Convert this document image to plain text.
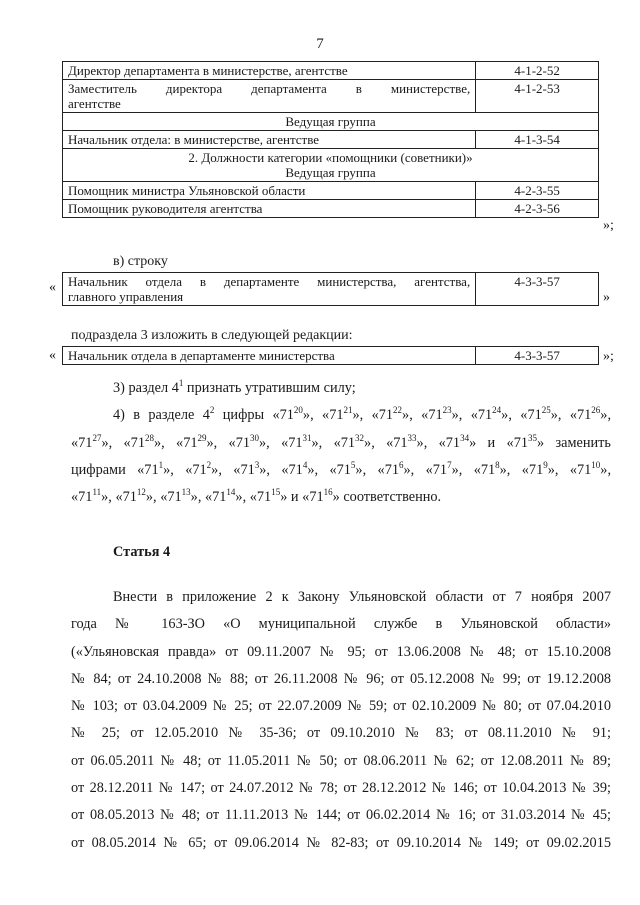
7
Директор департамента в министерстве, агентстве	4-1-2-52

Заместитель директора департамента в министерстве,
агентстве	4-1-2-53
Ведущая группа	
Начальник отдела: в министерстве, агентстве	4-1-3-54

2. Должности категории «помощники (советники)»
Ведущая группа	

Помощник министра Ульяновской области	4-2-3-55
Помощник руководителя агентства	4-2-3-56
»;
в) строку
« Начальник отдела в департаменте министерства, агентства,
главного управления
	4-3-3-57
»
подраздела 3 изложить в следующей редакции:
« Начальник отдела в департаменте министерства	4-3-3-57	»;
3) раздел $4^1$ признать утратившим силу;
4) в разделе $4^2$ цифры «$71^{20}$», «$71^{21}$», «$71^{22}$», «$71^{23}$», «$71^{24}$», «$71^{25}$», «$71^{26}$»,
«$71^{27}$», «$71^{28}$», «$71^{29}$», «$71^{30}$», «$71^{31}$», «$71^{32}$», «$71^{33}$», «$71^{34}$» и «$71^{35}$» заменить
цифрами «$71^1$», «$71^2$», «$71^3$», «$71^4$», «$71^5$», «$71^6$», «$71^7$», «$71^8$», «$71^9$», «$71^{10}$»,
«$71^{11}$», «$71^{12}$», «$71^{13}$», «$71^{14}$», «$71^{15}$» и «$71^{16}$» соответственно.
Статья 4
Внести в приложение 2 к Закону Ульяновской области от 7 ноября 2007
года № 163-ЗО «О муниципальной службе в Ульяновской области»
(«Ульяновская правда» от 09.11.2007 № 95; от 13.06.2008 № 48; от 15.10.2008
№ 84; от 24.10.2008 № 88; от 26.11.2008 № 96; от 05.12.2008 № 99; от 19.12.2008
№ 103; от 03.04.2009 № 25; от 22.07.2009 № 59; от 02.10.2009 № 80; от 07.04.2010
№ 25; от 12.05.2010 № 35-36; от 09.10.2010 № 83; от 08.11.2010 № 91;
от 06.05.2011 № 48; от 11.05.2011 № 50; от 08.06.2011 № 62; от 12.08.2011 № 89;
от 28.12.2011 № 147; от 24.07.2012 № 78; от 28.12.2012 № 146; от 10.04.2013 № 39;
от 08.05.2013 № 48; от 11.11.2013 № 144; от 06.02.2014 № 16; от 31.03.2014 № 45;
от 08.05.2014 № 65; от 09.06.2014 № 82-83; от 09.10.2014 № 149; от 09.02.2015
